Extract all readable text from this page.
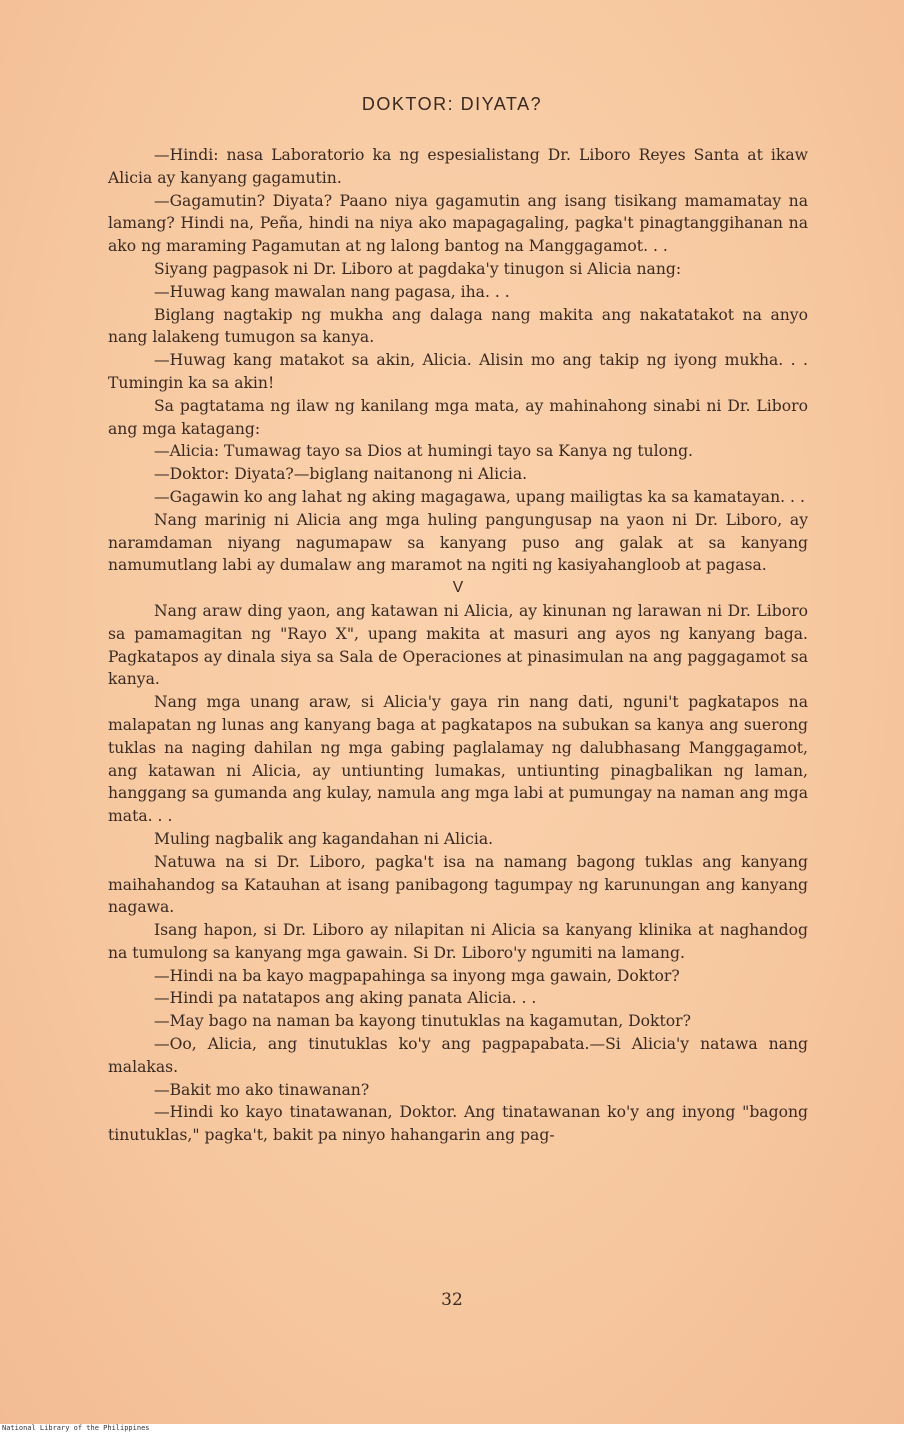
DOKTOR: DIYATA?

—Hindi: nasa Laboratorio ka ng espesialistang Dr. Liboro Reyes Santa at ikaw Alicia ay kanyang gagamutin.

—Gagamutin? Diyata? Paano niya gagamutin ang isang tisikang mamamatay na lamang? Hindi na, Peña, hindi na niya ako mapagagaling, pagka't pinagtanggihanan na ako ng maraming Pagamutan at ng lalong bantog na Manggagamot. . .

Siyang pagpasok ni Dr. Liboro at pagdaka'y tinugon si Alicia nang:

—Huwag kang mawalan nang pagasa, iha. . .

Biglang nagtakip ng mukha ang dalaga nang makita ang nakatatakot na anyo nang lalakeng tumugon sa kanya.

—Huwag kang matakot sa akin, Alicia. Alisin mo ang takip ng iyong mukha. . . Tumingin ka sa akin!

Sa pagtatama ng ilaw ng kanilang mga mata, ay mahinahong sinabi ni Dr. Liboro ang mga katagang:

—Alicia: Tumawag tayo sa Dios at humingi tayo sa Kanya ng tulong.

—Doktor: Diyata?—biglang naitanong ni Alicia.

—Gagawin ko ang lahat ng aking magagawa, upang mailigtas ka sa kamatayan. . .

Nang marinig ni Alicia ang mga huling pangungusap na yaon ni Dr. Liboro, ay naramdaman niyang nagumapaw sa kanyang puso ang galak at sa kanyang namumutlang labi ay dumalaw ang maramot na ngiti ng kasiyahangloob at pagasa.

V

Nang araw ding yaon, ang katawan ni Alicia, ay kinunan ng larawan ni Dr. Liboro sa pamamagitan ng "Rayo X", upang makita at masuri ang ayos ng kanyang baga. Pagkatapos ay dinala siya sa Sala de Operaciones at pinasimulan na ang paggagamot sa kanya.

Nang mga unang araw, si Alicia'y gaya rin nang dati, nguni't pagkatapos na malapatan ng lunas ang kanyang baga at pagkatapos na subukan sa kanya ang suerong tuklas na naging dahilan ng mga gabing paglalamay ng dalubhasang Manggagamot, ang katawan ni Alicia, ay untiunting lumakas, untiunting pinagbalikan ng laman, hanggang sa gumanda ang kulay, namula ang mga labi at pumungay na naman ang mga mata. . .

Muling nagbalik ang kagandahan ni Alicia.

Natuwa na si Dr. Liboro, pagka't isa na namang bagong tuklas ang kanyang maihahandog sa Katauhan at isang panibagong tagumpay ng karunungan ang kanyang nagawa.

Isang hapon, si Dr. Liboro ay nilapitan ni Alicia sa kanyang klinika at naghandog na tumulong sa kanyang mga gawain. Si Dr. Liboro'y ngumiti na lamang.

—Hindi na ba kayo magpapahinga sa inyong mga gawain, Doktor?

—Hindi pa natatapos ang aking panata Alicia. . .

—May bago na naman ba kayong tinutuklas na kagamutan, Doktor?

—Oo, Alicia, ang tinutuklas ko'y ang pagpapabata.—Si Alicia'y natawa nang malakas.

—Bakit mo ako tinawanan?

—Hindi ko kayo tinatawanan, Doktor. Ang tinatawanan ko'y ang inyong "bagong tinutuklas," pagka't, bakit pa ninyo hahangarin ang pag-

32
National Library of the Philippines
